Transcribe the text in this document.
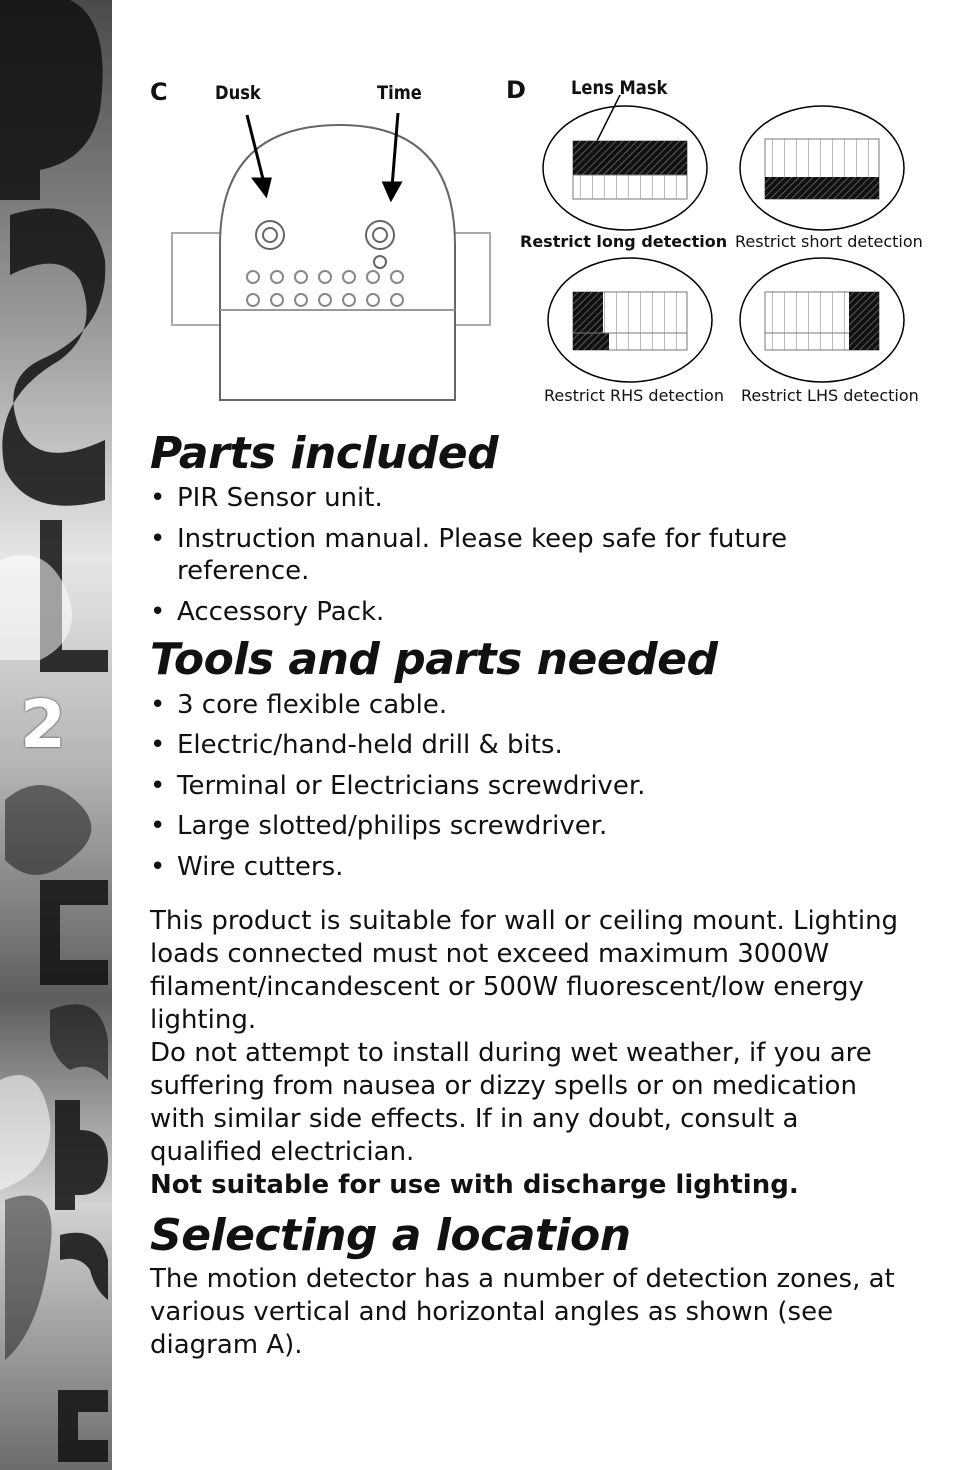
2
C Dusk	Time	D Lens Mask
Restrict long detection Restrict short detection
Restrict RHS detection Restrict LHS detection
Parts included
• PIR Sensor unit.
• Instruction manual. Please keep safe for future reference.
• Accessory Pack.
Tools and parts needed
• 3 core flexible cable.
• Electric/hand-held drill & bits.
• Terminal or Electricians screwdriver.
• Large slotted/philips screwdriver.
• Wire cutters.

This product is suitable for wall or ceiling mount. Lighting loads connected must not exceed maximum 3000W filament/incandescent or 500W fluorescent/low energy lighting.

Do not attempt to install during wet weather, if you are suffering from nausea or dizzy spells or on medication with similar side effects. If in any doubt, consult a qualified electrician.

Not suitable for use with discharge lighting.

Selecting a location

The motion detector has a number of detection zones, at various vertical and horizontal angles as shown (see diagram A).
